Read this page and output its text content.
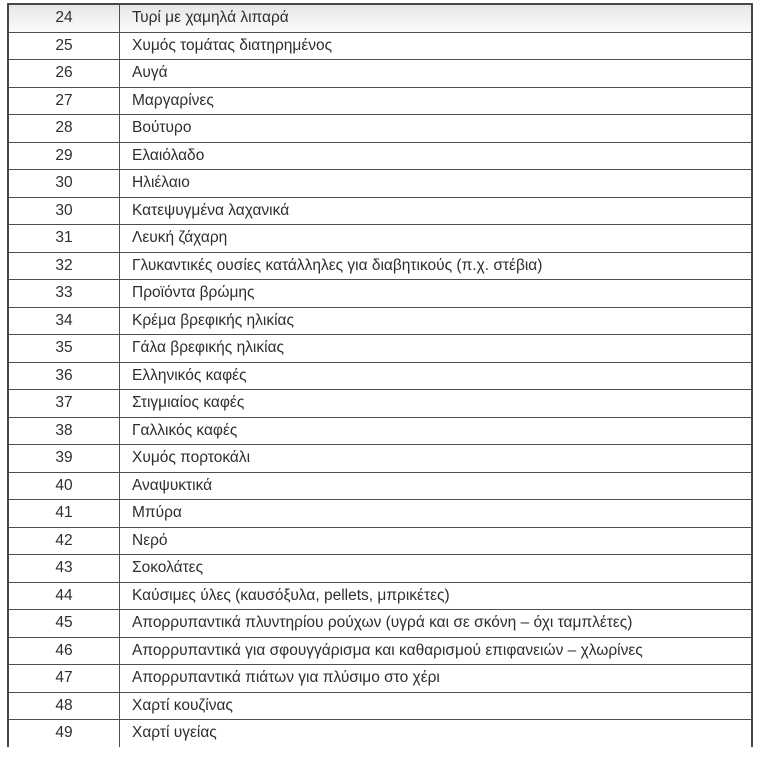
24	Τυρί με χαμηλά λιπαρά
25	Χυμός τομάτας διατηρημένος
26	Αυγά
27	Μαργαρίνες
28	Βούτυρο
29	Ελαιόλαδο
30	Ηλιέλαιο
30	Κατεψυγμένα λαχανικά
31	Λευκή ζάχαρη
32	Γλυκαντικές ουσίες κατάλληλες για διαβητικούς (π.χ. στέβια)
33	Προϊόντα βρώμης
34	Κρέμα βρεφικής ηλικίας
35	Γάλα βρεφικής ηλικίας
36	Ελληνικός καφές
37	Στιγμιαίος καφές
38	Γαλλικός καφές
39	Χυμός πορτοκάλι
40	Αναψυκτικά
41	Μπύρα
42	Νερό
43	Σοκολάτες
44	Καύσιμες ύλες (καυσόξυλα, pellets, μπρικέτες)
45	Απορρυπαντικά πλυντηρίου ρούχων (υγρά και σε σκόνη – όχι ταμπλέτες)
46	Απορρυπαντικά για σφουγγάρισμα και καθαρισμού επιφανειών – χλωρίνες
47	Απορρυπαντικά πιάτων για πλύσιμο στο χέρι
48	Χαρτί κουζίνας
49	Χαρτί υγείας
